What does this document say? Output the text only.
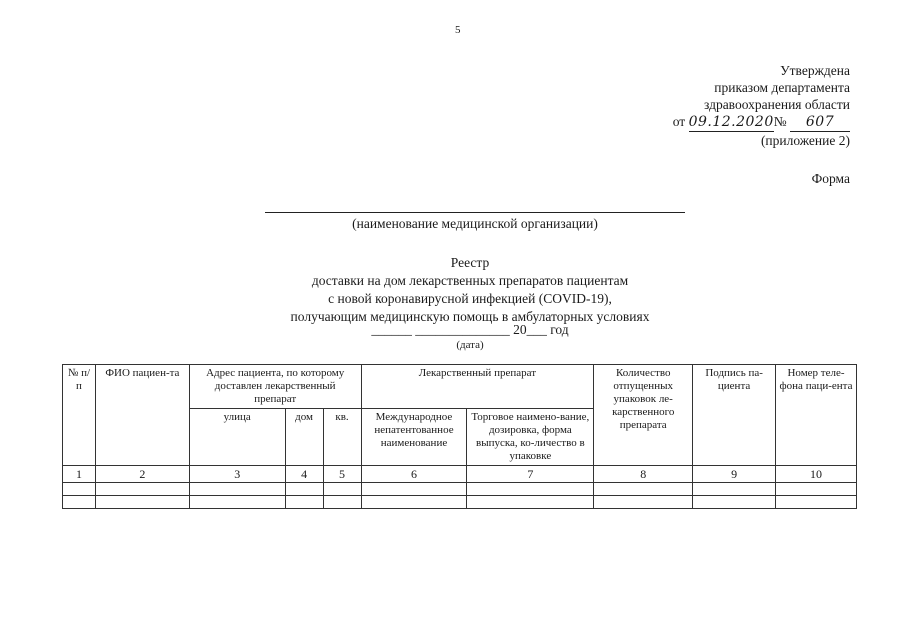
5
Утверждена
приказом департамента
здравоохранения области
от 09.12.2020№ 607
(приложение 2)
Форма
(наименование медицинской организации)
Реестр
доставки на дом лекарственных препаратов пациентам
с новой коронавирусной инфекцией (COVID-19),
получающим медицинскую помощь в амбулаторных условиях
______ ______________ 20___ год
(дата)
№ п/п	ФИО пациен-та	Адрес пациента, по которому доставлен лекарственный препарат			Лекарственный препарат		Количество отпущенных упаковок ле-карственного препарата	Подпись па-циента	Номер теле-фона паци-ента
		улица	дом	кв.	Международное непатентованное наименование	Торговое наимено-вание, дозировка, форма выпуска, ко-личество в упаковке			
1	2	3	4	5	6	7	8	9	10
